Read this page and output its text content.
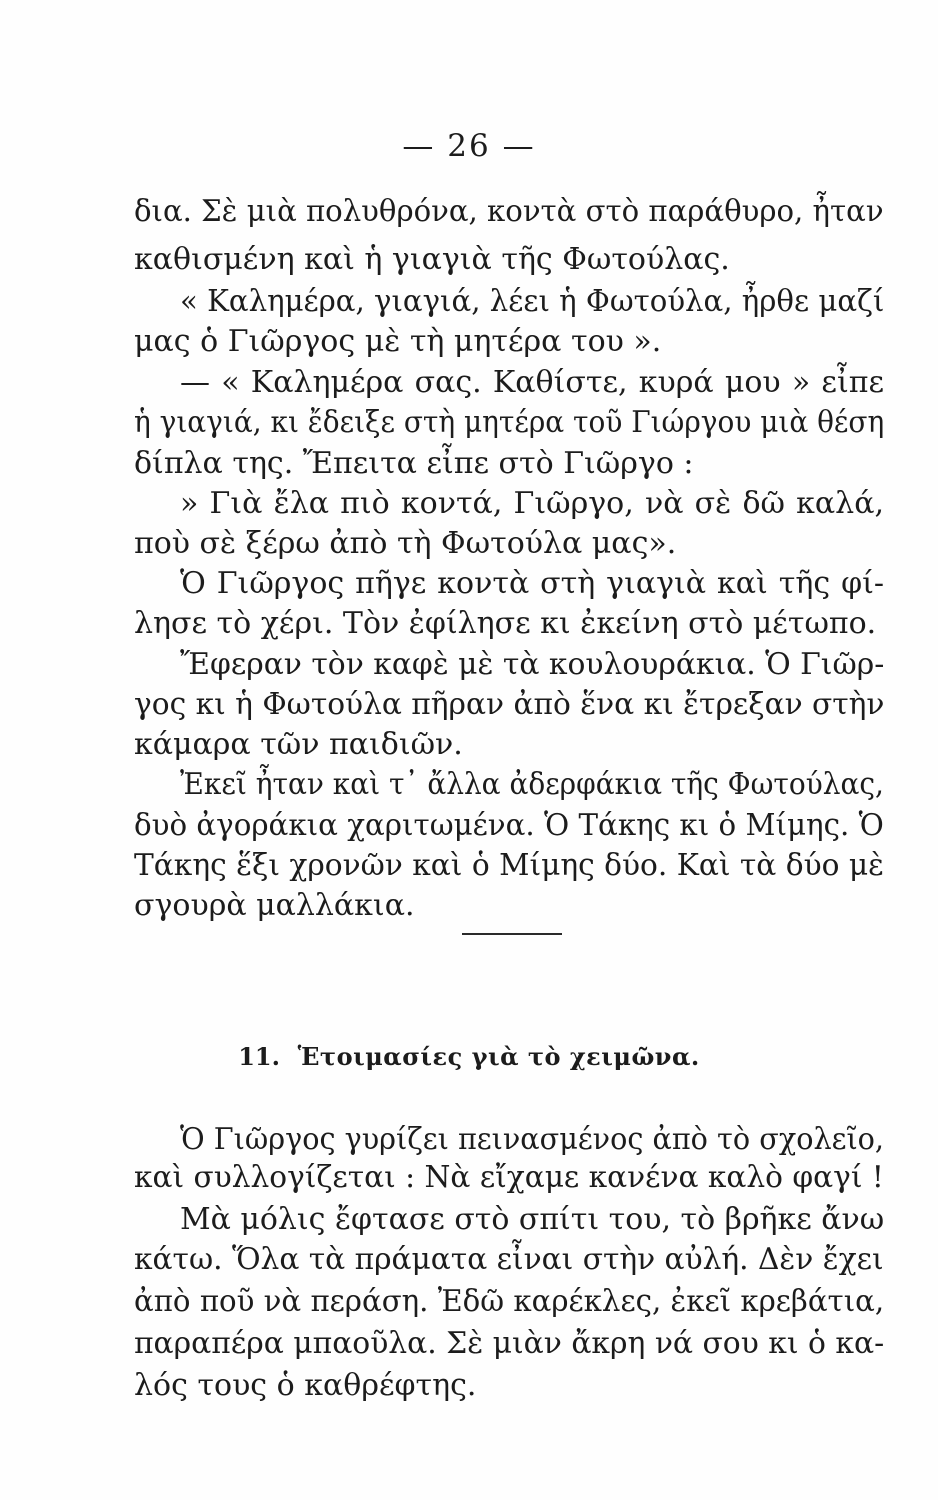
— 26 —
δια. Σὲ μιὰ πολυθρόνα, κοντὰ στὸ παράθυρο, ἦταν
καθισμένη καὶ ἡ γιαγιὰ τῆς Φωτούλας.
« Καλημέρα, γιαγιά, λέει ἡ Φωτούλα, ἦρθε μαζί
μας ὁ Γιῶργος μὲ τὴ μητέρα του ».
— « Καλημέρα σας. Καθίστε, κυρά μου » εἶπε
ἡ γιαγιά, κι ἔδειξε στὴ μητέρα τοῦ Γιώργου μιὰ θέση
δίπλα της. Ἔπειτα εἶπε στὸ Γιῶργο :
» Γιὰ ἔλα πιὸ κοντά, Γιῶργο, νὰ σὲ δῶ καλά,
ποὺ σὲ ξέρω ἀπὸ τὴ Φωτούλα μας».
Ὁ Γιῶργος πῆγε κοντὰ στὴ γιαγιὰ καὶ τῆς φί-
λησε τὸ χέρι. Τὸν ἐφίλησε κι ἐκείνη στὸ μέτωπο.
Ἔφεραν τὸν καφὲ μὲ τὰ κουλουράκια. Ὁ Γιῶρ-
γος κι ἡ Φωτούλα πῆραν ἀπὸ ἕνα κι ἔτρεξαν στὴν
κάμαρα τῶν παιδιῶν.
Ἐκεῖ ἦταν καὶ τ᾽ ἄλλα ἀδερφάκια τῆς Φωτούλας,
δυὸ ἀγοράκια χαριτωμένα. Ὁ Τάκης κι ὁ Μίμης. Ὁ
Τάκης ἕξι χρονῶν καὶ ὁ Μίμης δύο. Καὶ τὰ δύο μὲ
σγουρὰ μαλλάκια.
11. Ἑτοιμασίες γιὰ τὸ χειμῶνα.
Ὁ Γιῶργος γυρίζει πεινασμένος ἀπὸ τὸ σχολεῖο,
καὶ συλλογίζεται : Νὰ εἴχαμε κανένα καλὸ φαγί !
Μὰ μόλις ἔφτασε στὸ σπίτι του, τὸ βρῆκε ἄνω
κάτω. Ὅλα τὰ πράματα εἶναι στὴν αὐλή. Δὲν ἔχει
ἀπὸ ποῦ νὰ περάση. Ἐδῶ καρέκλες, ἐκεῖ κρεβάτια,
παραπέρα μπαοῦλα. Σὲ μιὰν ἄκρη νά σου κι ὁ κα-
λός τους ὁ καθρέφτης.
